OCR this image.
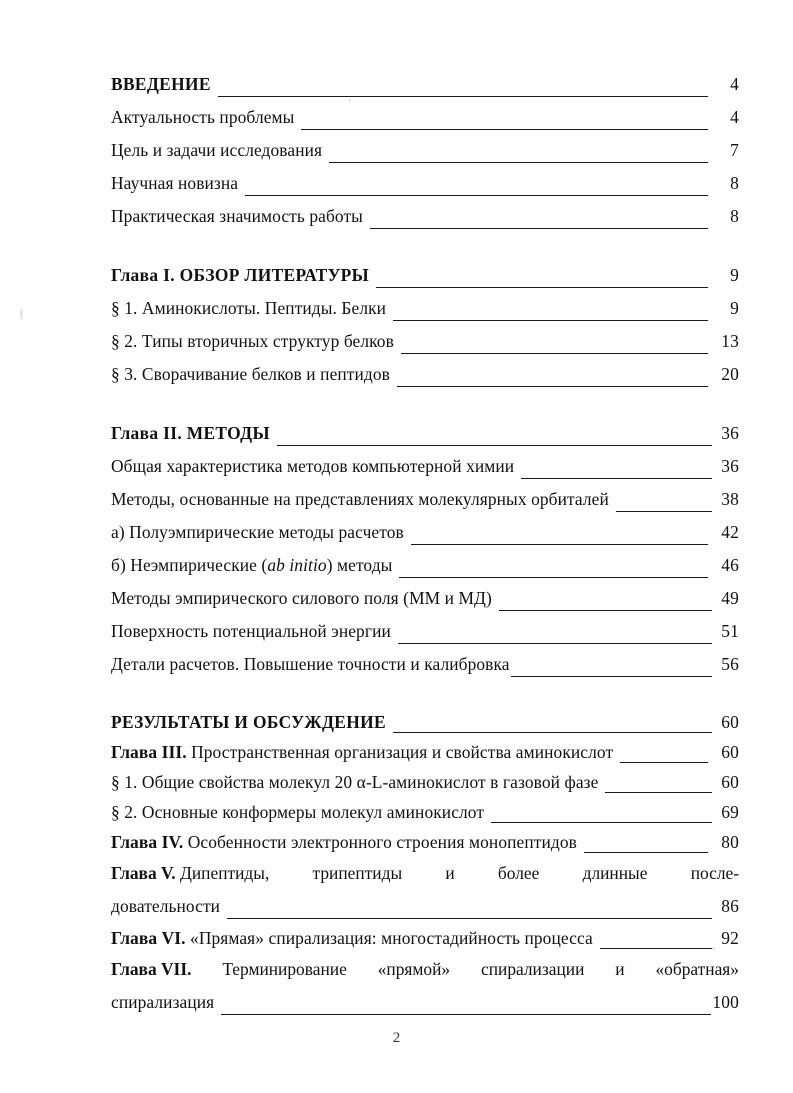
ВВЕДЕНИЕ	4
Актуальность проблемы	4
Цель и задачи исследования	7
Научная новизна	8
Практическая значимость работы	8
Глава I. ОБЗОР ЛИТЕРАТУРЫ	9
§ 1. Аминокислоты. Пептиды. Белки	9
§ 2. Типы вторичных структур белков	13
§ 3. Сворачивание белков и пептидов	20
Глава II. МЕТОДЫ	36
Общая характеристика методов компьютерной химии	36
Методы, основанные на представлениях молекулярных орбиталей	38
а) Полуэмпирические методы расчетов	42
б) Неэмпирические (ab initio) методы	46
Методы эмпирического силового поля (ММ и МД)	49
Поверхность потенциальной энергии	51
Детали расчетов. Повышение точности и калибровка	56
РЕЗУЛЬТАТЫ И ОБСУЖДЕНИЕ	60
Глава III. Пространственная организация и свойства аминокислот	60
§ 1. Общие свойства молекул 20 α-L-аминокислот в газовой фазе	60
§ 2. Основные конформеры молекул аминокислот	69
Глава IV. Особенности электронного строения монопептидов	80
Глава V.
Дипептиды, трипептиды и более длинные после-
довательности	86
Глава VI. «Прямая» спирализация: многостадийность процесса	92
Глава VII. Терминирование «прямой» спирализации и «обратная»
спирализация	100
2
